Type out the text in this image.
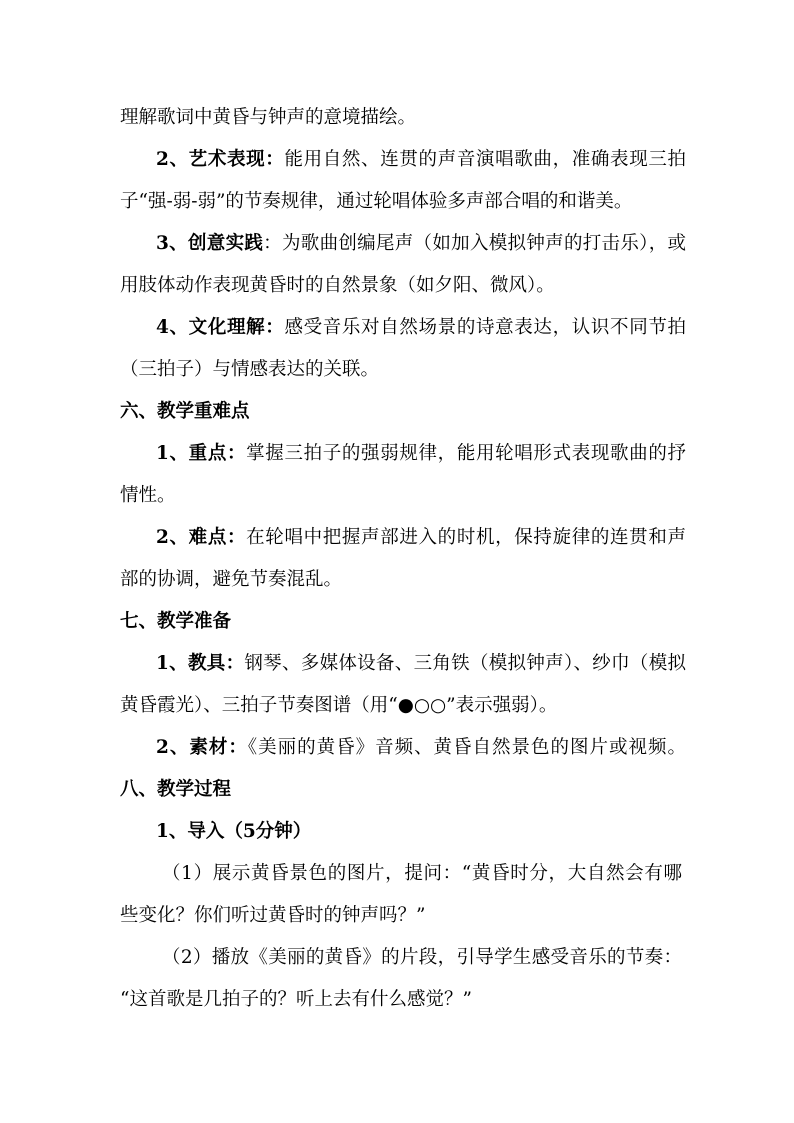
理解歌词中黄昏与钟声的意境描绘。
2、艺术表现：能用自然、连贯的声音演唱歌曲，准确表现三拍
子“强-弱-弱”的节奏规律，通过轮唱体验多声部合唱的和谐美。
3、创意实践：为歌曲创编尾声（如加入模拟钟声的打击乐），或
用肢体动作表现黄昏时的自然景象（如夕阳、微风）。
4、文化理解：感受音乐对自然场景的诗意表达，认识不同节拍
（三拍子）与情感表达的关联。
六、教学重难点
1、重点：掌握三拍子的强弱规律，能用轮唱形式表现歌曲的抒
情性。
2、难点：在轮唱中把握声部进入的时机，保持旋律的连贯和声
部的协调，避免节奏混乱。
七、教学准备
1、教具：钢琴、多媒体设备、三角铁（模拟钟声）、纱巾（模拟
黄昏霞光）、三拍子节奏图谱（用“●○○”表示强弱）。
2、素材：《美丽的黄昏》音频、黄昏自然景色的图片或视频。
八、教学过程
1、导入（5分钟）
（1）展示黄昏景色的图片，提问：“黄昏时分，大自然会有哪
些变化？你们听过黄昏时的钟声吗？”
（2）播放《美丽的黄昏》的片段，引导学生感受音乐的节奏：
“这首歌是几拍子的？听上去有什么感觉？”
